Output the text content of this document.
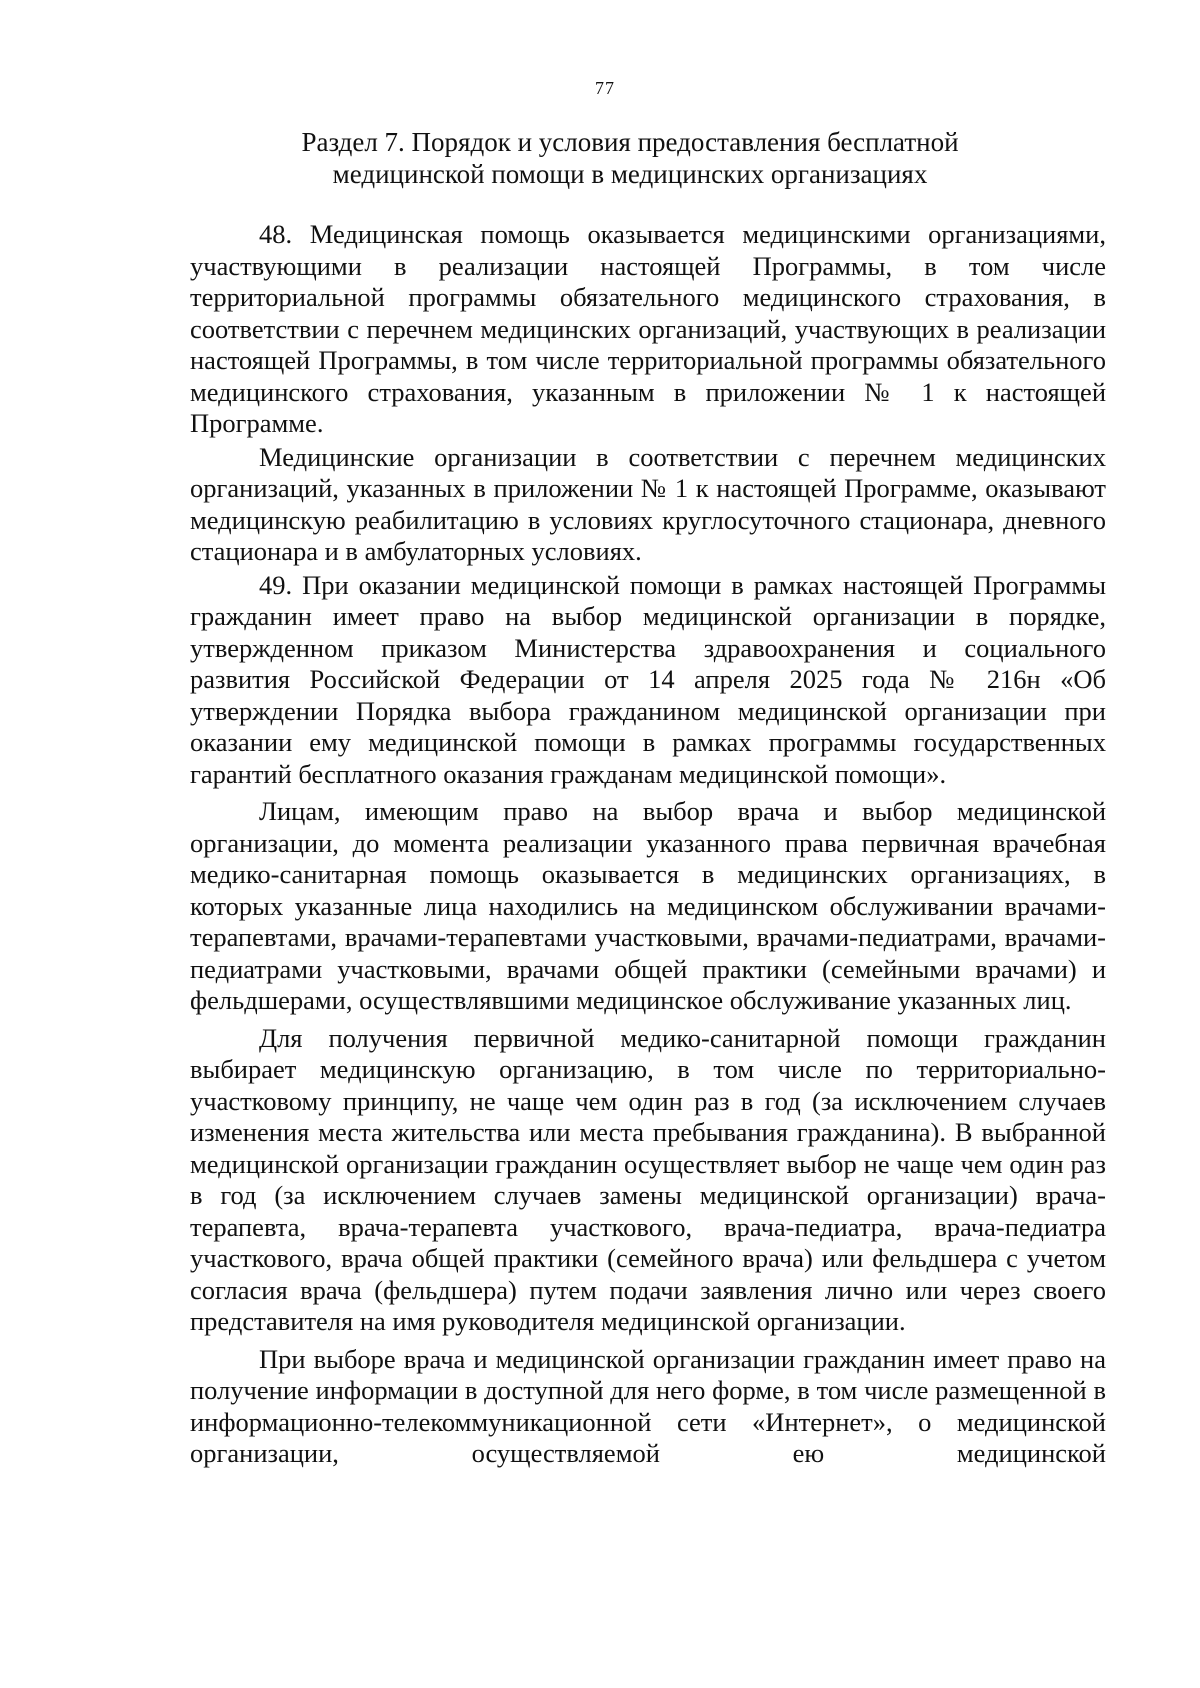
77
Раздел 7. Порядок и условия предоставления бесплатной
медицинской помощи в медицинских организациях

48. Медицинская помощь оказывается медицинскими организациями, участвующими в реализации настоящей Программы, в том числе территориальной программы обязательного медицинского страхования, в соответствии с перечнем медицинских организаций, участвующих в реализации настоящей Программы, в том числе территориальной программы обязательного медицинского страхования, указанным в приложении № 1 к настоящей Программе.

Медицинские организации в соответствии с перечнем медицинских организаций, указанных в приложении № 1 к настоящей Программе, оказывают медицинскую реабилитацию в условиях круглосуточного стационара, дневного стационара и в амбулаторных условиях.

49. При оказании медицинской помощи в рамках настоящей Программы гражданин имеет право на выбор медицинской организации в порядке, утвержденном приказом Министерства здравоохранения и социального развития Российской Федерации от 14 апреля 2025 года № 216н «Об утверждении Порядка выбора гражданином медицинской организации при оказании ему медицинской помощи в рамках программы государственных гарантий бесплатного оказания гражданам медицинской помощи».

Лицам, имеющим право на выбор врача и выбор медицинской организации, до момента реализации указанного права первичная врачебная медико-санитарная помощь оказывается в медицинских организациях, в которых указанные лица находились на медицинском обслуживании врачами-терапевтами, врачами-терапевтами участковыми, врачами-педиатрами, врачами-педиатрами участковыми, врачами общей практики (семейными врачами) и фельдшерами, осуществлявшими медицинское обслуживание указанных лиц.

Для получения первичной медико-санитарной помощи гражданин выбирает медицинскую организацию, в том числе по территориально-участковому принципу, не чаще чем один раз в год (за исключением случаев изменения места жительства или места пребывания гражданина). В выбранной медицинской организации гражданин осуществляет выбор не чаще чем один раз в год (за исключением случаев замены медицинской организации) врача-терапевта, врача-терапевта участкового, врача-педиатра, врача-педиатра участкового, врача общей практики (семейного врача) или фельдшера с учетом согласия врача (фельдшера) путем подачи заявления лично или через своего представителя на имя руководителя медицинской организации.

При выборе врача и медицинской организации гражданин имеет право на получение информации в доступной для него форме, в том числе размещенной в информационно-телекоммуникационной сети «Интернет», о медицинской организации, осуществляемой ею медицинской
